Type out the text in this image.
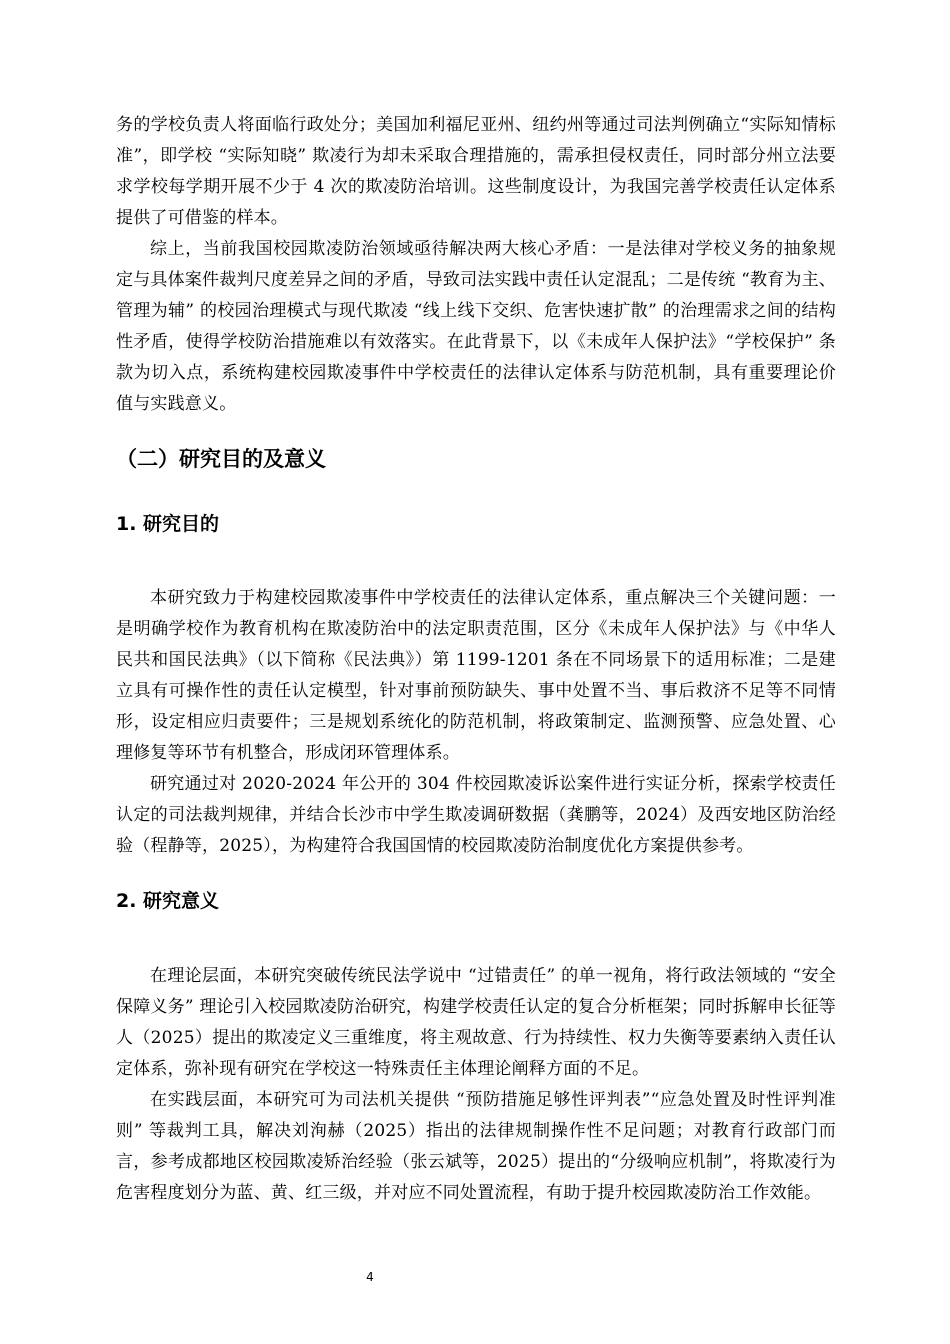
务的学校负责人将面临行政处分；美国加利福尼亚州、纽约州等通过司法判例确立“实际知情标准”，即学校 “实际知晓” 欺凌行为却未采取合理措施的，需承担侵权责任，同时部分州立法要求学校每学期开展不少于 4 次的欺凌防治培训。这些制度设计，为我国完善学校责任认定体系提供了可借鉴的样本。

综上，当前我国校园欺凌防治领域亟待解决两大核心矛盾：一是法律对学校义务的抽象规定与具体案件裁判尺度差异之间的矛盾，导致司法实践中责任认定混乱；二是传统 “教育为主、管理为辅” 的校园治理模式与现代欺凌 “线上线下交织、危害快速扩散” 的治理需求之间的结构性矛盾，使得学校防治措施难以有效落实。在此背景下，以《未成年人保护法》“学校保护” 条款为切入点，系统构建校园欺凌事件中学校责任的法律认定体系与防范机制，具有重要理论价值与实践意义。

（二）研究目的及意义
1. 研究目的

本研究致力于构建校园欺凌事件中学校责任的法律认定体系，重点解决三个关键问题：一是明确学校作为教育机构在欺凌防治中的法定职责范围，区分《未成年人保护法》与《中华人民共和国民法典》（以下简称《民法典》）第 1199-1201 条在不同场景下的适用标准；二是建立具有可操作性的责任认定模型，针对事前预防缺失、事中处置不当、事后救济不足等不同情形，设定相应归责要件；三是规划系统化的防范机制，将政策制定、监测预警、应急处置、心理修复等环节有机整合，形成闭环管理体系。

研究通过对 2020-2024 年公开的 304 件校园欺凌诉讼案件进行实证分析，探索学校责任认定的司法裁判规律，并结合长沙市中学生欺凌调研数据（龚鹏等，2024）及西安地区防治经验（程静等，2025），为构建符合我国国情的校园欺凌防治制度优化方案提供参考。

2. 研究意义

在理论层面，本研究突破传统民法学说中 “过错责任” 的单一视角，将行政法领域的 “安全保障义务” 理论引入校园欺凌防治研究，构建学校责任认定的复合分析框架；同时拆解申长征等人（2025）提出的欺凌定义三重维度，将主观故意、行为持续性、权力失衡等要素纳入责任认定体系，弥补现有研究在学校这一特殊责任主体理论阐释方面的不足。

在实践层面，本研究可为司法机关提供 “预防措施足够性评判表”“应急处置及时性评判准则” 等裁判工具，解决刘洵赫（2025）指出的法律规制操作性不足问题；对教育行政部门而言，参考成都地区校园欺凌矫治经验（张云斌等，2025）提出的“分级响应机制”，将欺凌行为危害程度划分为蓝、黄、红三级，并对应不同处置流程，有助于提升校园欺凌防治工作效能。

4
